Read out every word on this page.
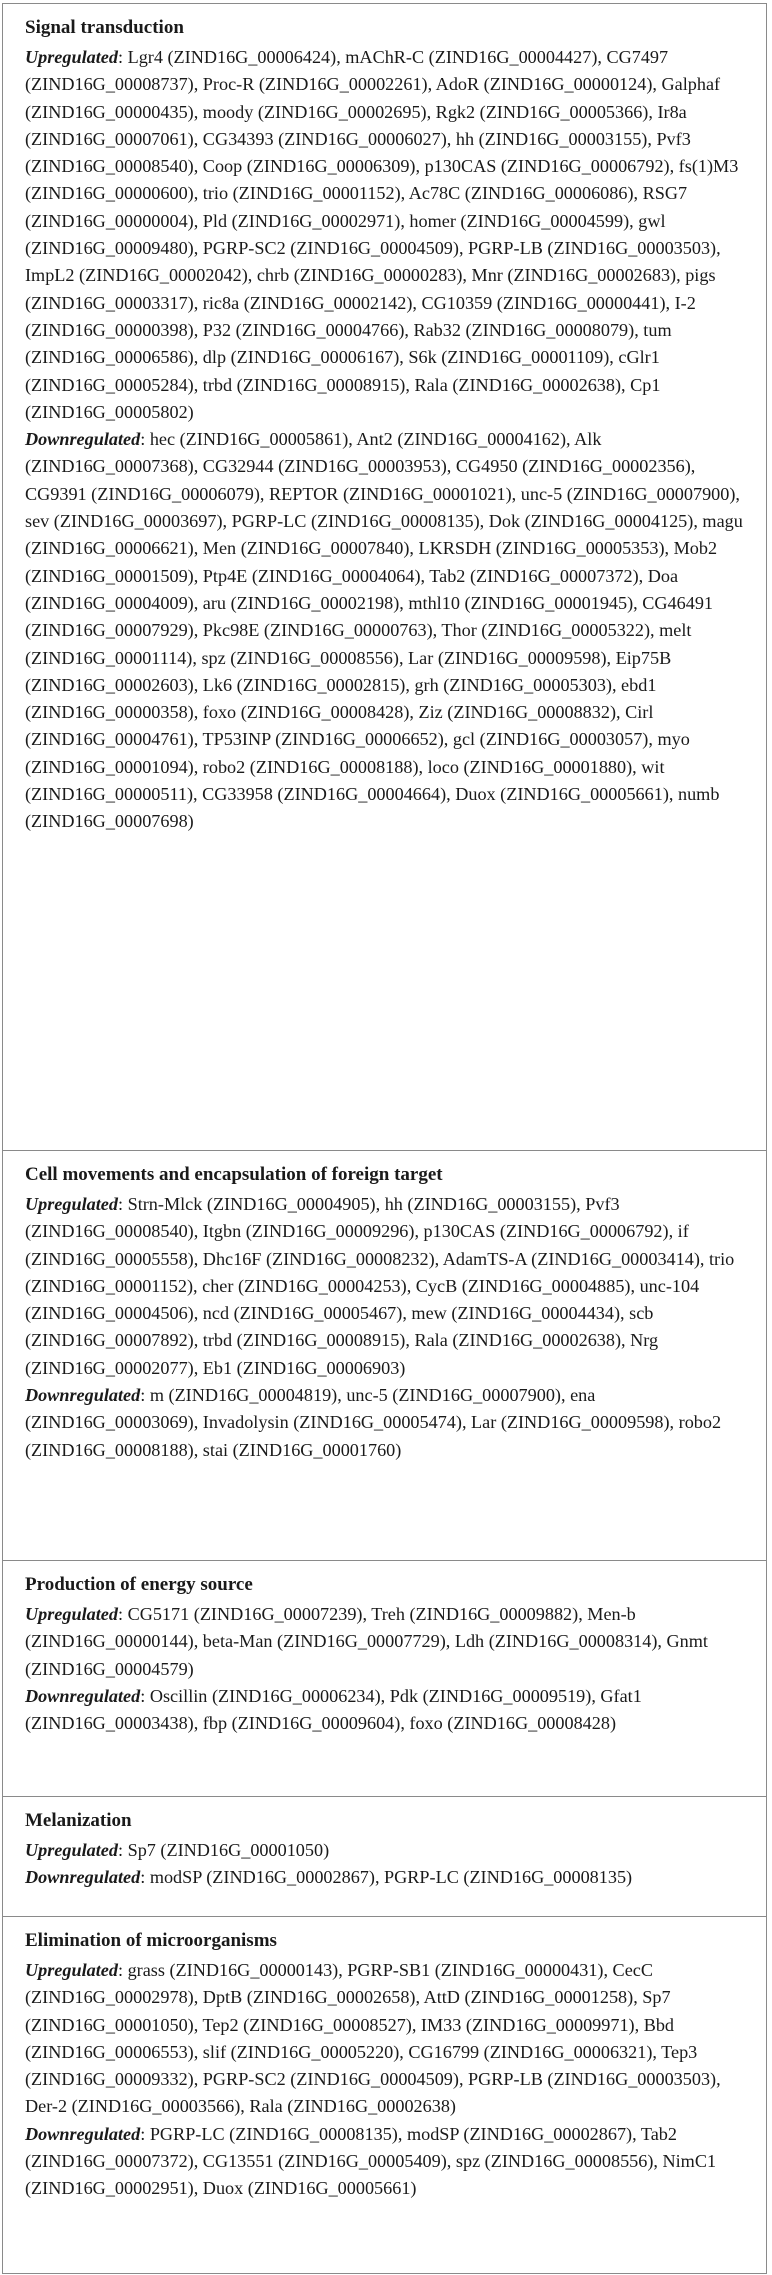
Signal transduction

Upregulated: Lgr4 (ZIND16G_00006424), mAChR-C (ZIND16G_00004427), CG7497 (ZIND16G_00008737), Proc-R (ZIND16G_00002261), AdoR (ZIND16G_00000124), Galphaf (ZIND16G_00000435), moody (ZIND16G_00002695), Rgk2 (ZIND16G_00005366), Ir8a (ZIND16G_00007061), CG34393 (ZIND16G_00006027), hh (ZIND16G_00003155), Pvf3 (ZIND16G_00008540), Coop (ZIND16G_00006309), p130CAS (ZIND16G_00006792), fs(1)M3 (ZIND16G_00000600), trio (ZIND16G_00001152), Ac78C (ZIND16G_00006086), RSG7 (ZIND16G_00000004), Pld (ZIND16G_00002971), homer (ZIND16G_00004599), gwl (ZIND16G_00009480), PGRP-SC2 (ZIND16G_00004509), PGRP-LB (ZIND16G_00003503), ImpL2 (ZIND16G_00002042), chrb (ZIND16G_00000283), Mnr (ZIND16G_00002683), pigs (ZIND16G_00003317), ric8a (ZIND16G_00002142), CG10359 (ZIND16G_00000441), I-2 (ZIND16G_00000398), P32 (ZIND16G_00004766), Rab32 (ZIND16G_00008079), tum (ZIND16G_00006586), dlp (ZIND16G_00006167), S6k (ZIND16G_00001109), cGlr1 (ZIND16G_00005284), trbd (ZIND16G_00008915), Rala (ZIND16G_00002638), Cp1 (ZIND16G_00005802)

Downregulated: hec (ZIND16G_00005861), Ant2 (ZIND16G_00004162), Alk (ZIND16G_00007368), CG32944 (ZIND16G_00003953), CG4950 (ZIND16G_00002356), CG9391 (ZIND16G_00006079), REPTOR (ZIND16G_00001021), unc-5 (ZIND16G_00007900), sev (ZIND16G_00003697), PGRP-LC (ZIND16G_00008135), Dok (ZIND16G_00004125), magu (ZIND16G_00006621), Men (ZIND16G_00007840), LKRSDH (ZIND16G_00005353), Mob2 (ZIND16G_00001509), Ptp4E (ZIND16G_00004064), Tab2 (ZIND16G_00007372), Doa (ZIND16G_00004009), aru (ZIND16G_00002198), mthl10 (ZIND16G_00001945), CG46491 (ZIND16G_00007929), Pkc98E (ZIND16G_00000763), Thor (ZIND16G_00005322), melt (ZIND16G_00001114), spz (ZIND16G_00008556), Lar (ZIND16G_00009598), Eip75B (ZIND16G_00002603), Lk6 (ZIND16G_00002815), grh (ZIND16G_00005303), ebd1 (ZIND16G_00000358), foxo (ZIND16G_00008428), Ziz (ZIND16G_00008832), Cirl (ZIND16G_00004761), TP53INP (ZIND16G_00006652), gcl (ZIND16G_00003057), myo (ZIND16G_00001094), robo2 (ZIND16G_00008188), loco (ZIND16G_00001880), wit (ZIND16G_00000511), CG33958 (ZIND16G_00004664), Duox (ZIND16G_00005661), numb (ZIND16G_00007698)

Cell movements and encapsulation of foreign target

Upregulated: Strn-Mlck (ZIND16G_00004905), hh (ZIND16G_00003155), Pvf3 (ZIND16G_00008540), Itgbn (ZIND16G_00009296), p130CAS (ZIND16G_00006792), if (ZIND16G_00005558), Dhc16F (ZIND16G_00008232), AdamTS-A (ZIND16G_00003414), trio (ZIND16G_00001152), cher (ZIND16G_00004253), CycB (ZIND16G_00004885), unc-104 (ZIND16G_00004506), ncd (ZIND16G_00005467), mew (ZIND16G_00004434), scb (ZIND16G_00007892), trbd (ZIND16G_00008915), Rala (ZIND16G_00002638), Nrg (ZIND16G_00002077), Eb1 (ZIND16G_00006903)

Downregulated: m (ZIND16G_00004819), unc-5 (ZIND16G_00007900), ena (ZIND16G_00003069), Invadolysin (ZIND16G_00005474), Lar (ZIND16G_00009598), robo2 (ZIND16G_00008188), stai (ZIND16G_00001760)

Production of energy source

Upregulated: CG5171 (ZIND16G_00007239), Treh (ZIND16G_00009882), Men-b (ZIND16G_00000144), beta-Man (ZIND16G_00007729), Ldh (ZIND16G_00008314), Gnmt (ZIND16G_00004579)

Downregulated: Oscillin (ZIND16G_00006234), Pdk (ZIND16G_00009519), Gfat1 (ZIND16G_00003438), fbp (ZIND16G_00009604), foxo (ZIND16G_00008428)

Melanization

Upregulated: Sp7 (ZIND16G_00001050)

Downregulated: modSP (ZIND16G_00002867), PGRP-LC (ZIND16G_00008135)

Elimination of microorganisms

Upregulated: grass (ZIND16G_00000143), PGRP-SB1 (ZIND16G_00000431), CecC (ZIND16G_00002978), DptB (ZIND16G_00002658), AttD (ZIND16G_00001258), Sp7 (ZIND16G_00001050), Tep2 (ZIND16G_00008527), IM33 (ZIND16G_00009971), Bbd (ZIND16G_00006553), slif (ZIND16G_00005220), CG16799 (ZIND16G_00006321), Tep3 (ZIND16G_00009332), PGRP-SC2 (ZIND16G_00004509), PGRP-LB (ZIND16G_00003503), Der-2 (ZIND16G_00003566), Rala (ZIND16G_00002638)

Downregulated: PGRP-LC (ZIND16G_00008135), modSP (ZIND16G_00002867), Tab2 (ZIND16G_00007372), CG13551 (ZIND16G_00005409), spz (ZIND16G_00008556), NimC1 (ZIND16G_00002951), Duox (ZIND16G_00005661)
